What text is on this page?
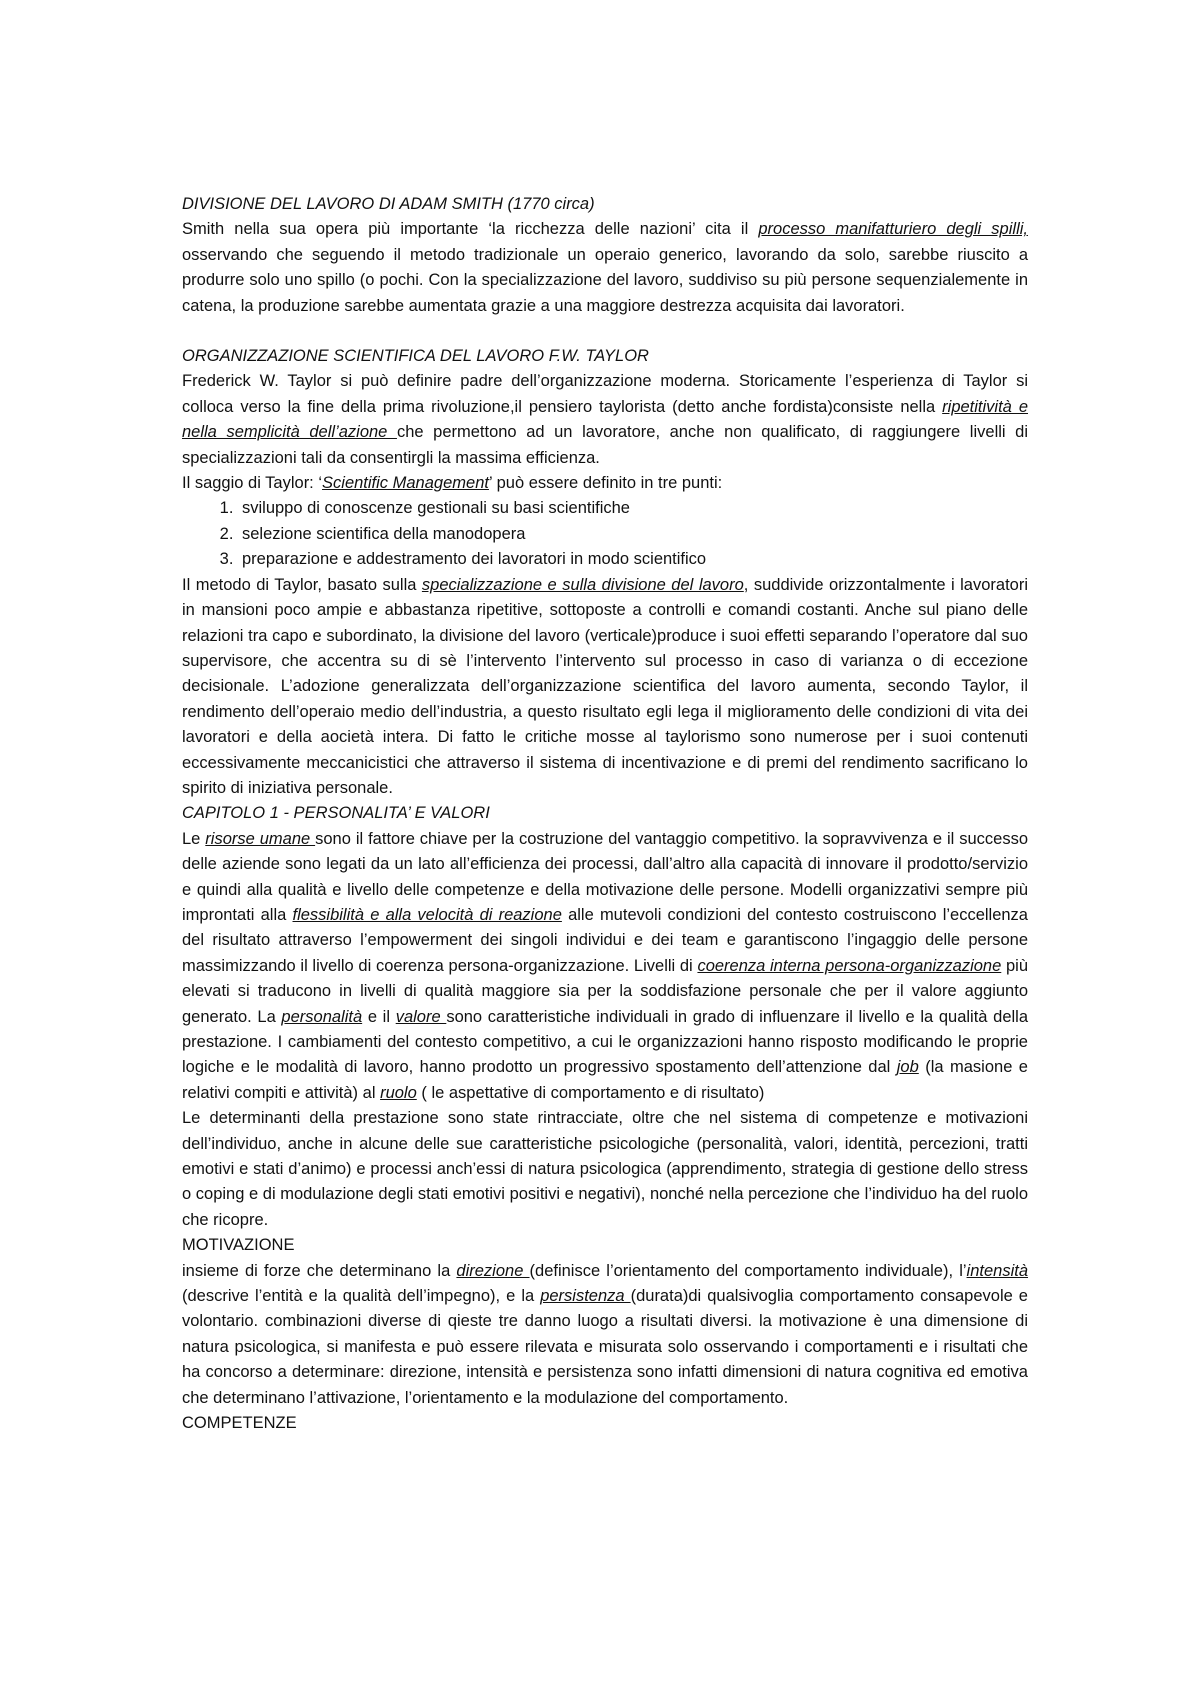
DIVISIONE DEL LAVORO DI ADAM SMITH (1770 circa)

Smith nella sua opera più importante ‘la ricchezza delle nazioni’ cita il processo manifatturiero degli spilli, osservando che seguendo il metodo tradizionale un operaio generico, lavorando da solo, sarebbe riuscito a produrre solo uno spillo (o pochi. Con la specializzazione del lavoro, suddiviso su più persone sequenzialemente in catena, la produzione sarebbe aumentata grazie a una maggiore destrezza acquisita dai lavoratori.

ORGANIZZAZIONE SCIENTIFICA DEL LAVORO F.W. TAYLOR

Frederick W. Taylor si può definire padre dell’organizzazione moderna. Storicamente l’esperienza di Taylor si colloca verso la fine della prima rivoluzione,il pensiero taylorista (detto anche fordista)consiste nella ripetitività e nella semplicità dell’azione che permettono ad un lavoratore, anche non qualificato, di raggiungere livelli di specializzazioni tali da consentirgli la massima efficienza.

Il saggio di Taylor: ‘Scientific Management’ può essere definito in tre punti:

1. sviluppo di conoscenze gestionali su basi scientifiche
2. selezione scientifica della manodopera
3. preparazione e addestramento dei lavoratori in modo scientifico

Il metodo di Taylor, basato sulla specializzazione e sulla divisione del lavoro, suddivide orizzontalmente i lavoratori in mansioni poco ampie e abbastanza ripetitive, sottoposte a controlli e comandi costanti. Anche sul piano delle relazioni tra capo e subordinato, la divisione del lavoro (verticale)produce i suoi effetti separando l’operatore dal suo supervisore, che accentra su di sè l’intervento l’intervento sul processo in caso di varianza o di eccezione decisionale. L’adozione generalizzata dell’organizzazione scientifica del lavoro aumenta, secondo Taylor, il rendimento dell’operaio medio dell’industria, a questo risultato egli lega il miglioramento delle condizioni di vita dei lavoratori e della aocietà intera. Di fatto le critiche mosse al taylorismo sono numerose per i suoi contenuti eccessivamente meccanicistici che attraverso il sistema di incentivazione e di premi del rendimento sacrificano lo spirito di iniziativa personale.

CAPITOLO 1 - PERSONALITA’ E VALORI

Le risorse umane sono il fattore chiave per la costruzione del vantaggio competitivo. la sopravvivenza e il successo delle aziende sono legati da un lato all’efficienza dei processi, dall’altro alla capacità di innovare il prodotto/servizio e quindi alla qualità e livello delle competenze e della motivazione delle persone. Modelli organizzativi sempre più improntati alla flessibilità e alla velocità di reazione alle mutevoli condizioni del contesto costruiscono l’eccellenza del risultato attraverso l’empowerment dei singoli individui e dei team e garantiscono l’ingaggio delle persone massimizzando il livello di coerenza persona-organizzazione. Livelli di coerenza interna persona-organizzazione più elevati si traducono in livelli di qualità maggiore sia per la soddisfazione personale che per il valore aggiunto generato. La personalità e il valore sono caratteristiche individuali in grado di influenzare il livello e la qualità della prestazione. I cambiamenti del contesto competitivo, a cui le organizzazioni hanno risposto modificando le proprie logiche e le modalità di lavoro, hanno prodotto un progressivo spostamento dell’attenzione dal job (la masione e relativi compiti e attività) al ruolo ( le aspettative di comportamento e di risultato)

Le determinanti della prestazione sono state rintracciate, oltre che nel sistema di competenze e motivazioni dell’individuo, anche in alcune delle sue caratteristiche psicologiche (personalità, valori, identità, percezioni, tratti emotivi e stati d’animo) e processi anch’essi di natura psicologica (apprendimento, strategia di gestione dello stress o coping e di modulazione degli stati emotivi positivi e negativi), nonché nella percezione che l’individuo ha del ruolo che ricopre.

MOTIVAZIONE

insieme di forze che determinano la direzione (definisce l’orientamento del comportamento individuale), l’intensità (descrive l’entità e la qualità dell’impegno), e la persistenza (durata)di qualsivoglia comportamento consapevole e volontario. combinazioni diverse di qieste tre danno luogo a risultati diversi. la motivazione è una dimensione di natura psicologica, si manifesta e può essere rilevata e misurata solo osservando i comportamenti e i risultati che ha concorso a determinare: direzione, intensità e persistenza sono infatti dimensioni di natura cognitiva ed emotiva che determinano l’attivazione, l’orientamento e la modulazione del comportamento.

COMPETENZE
